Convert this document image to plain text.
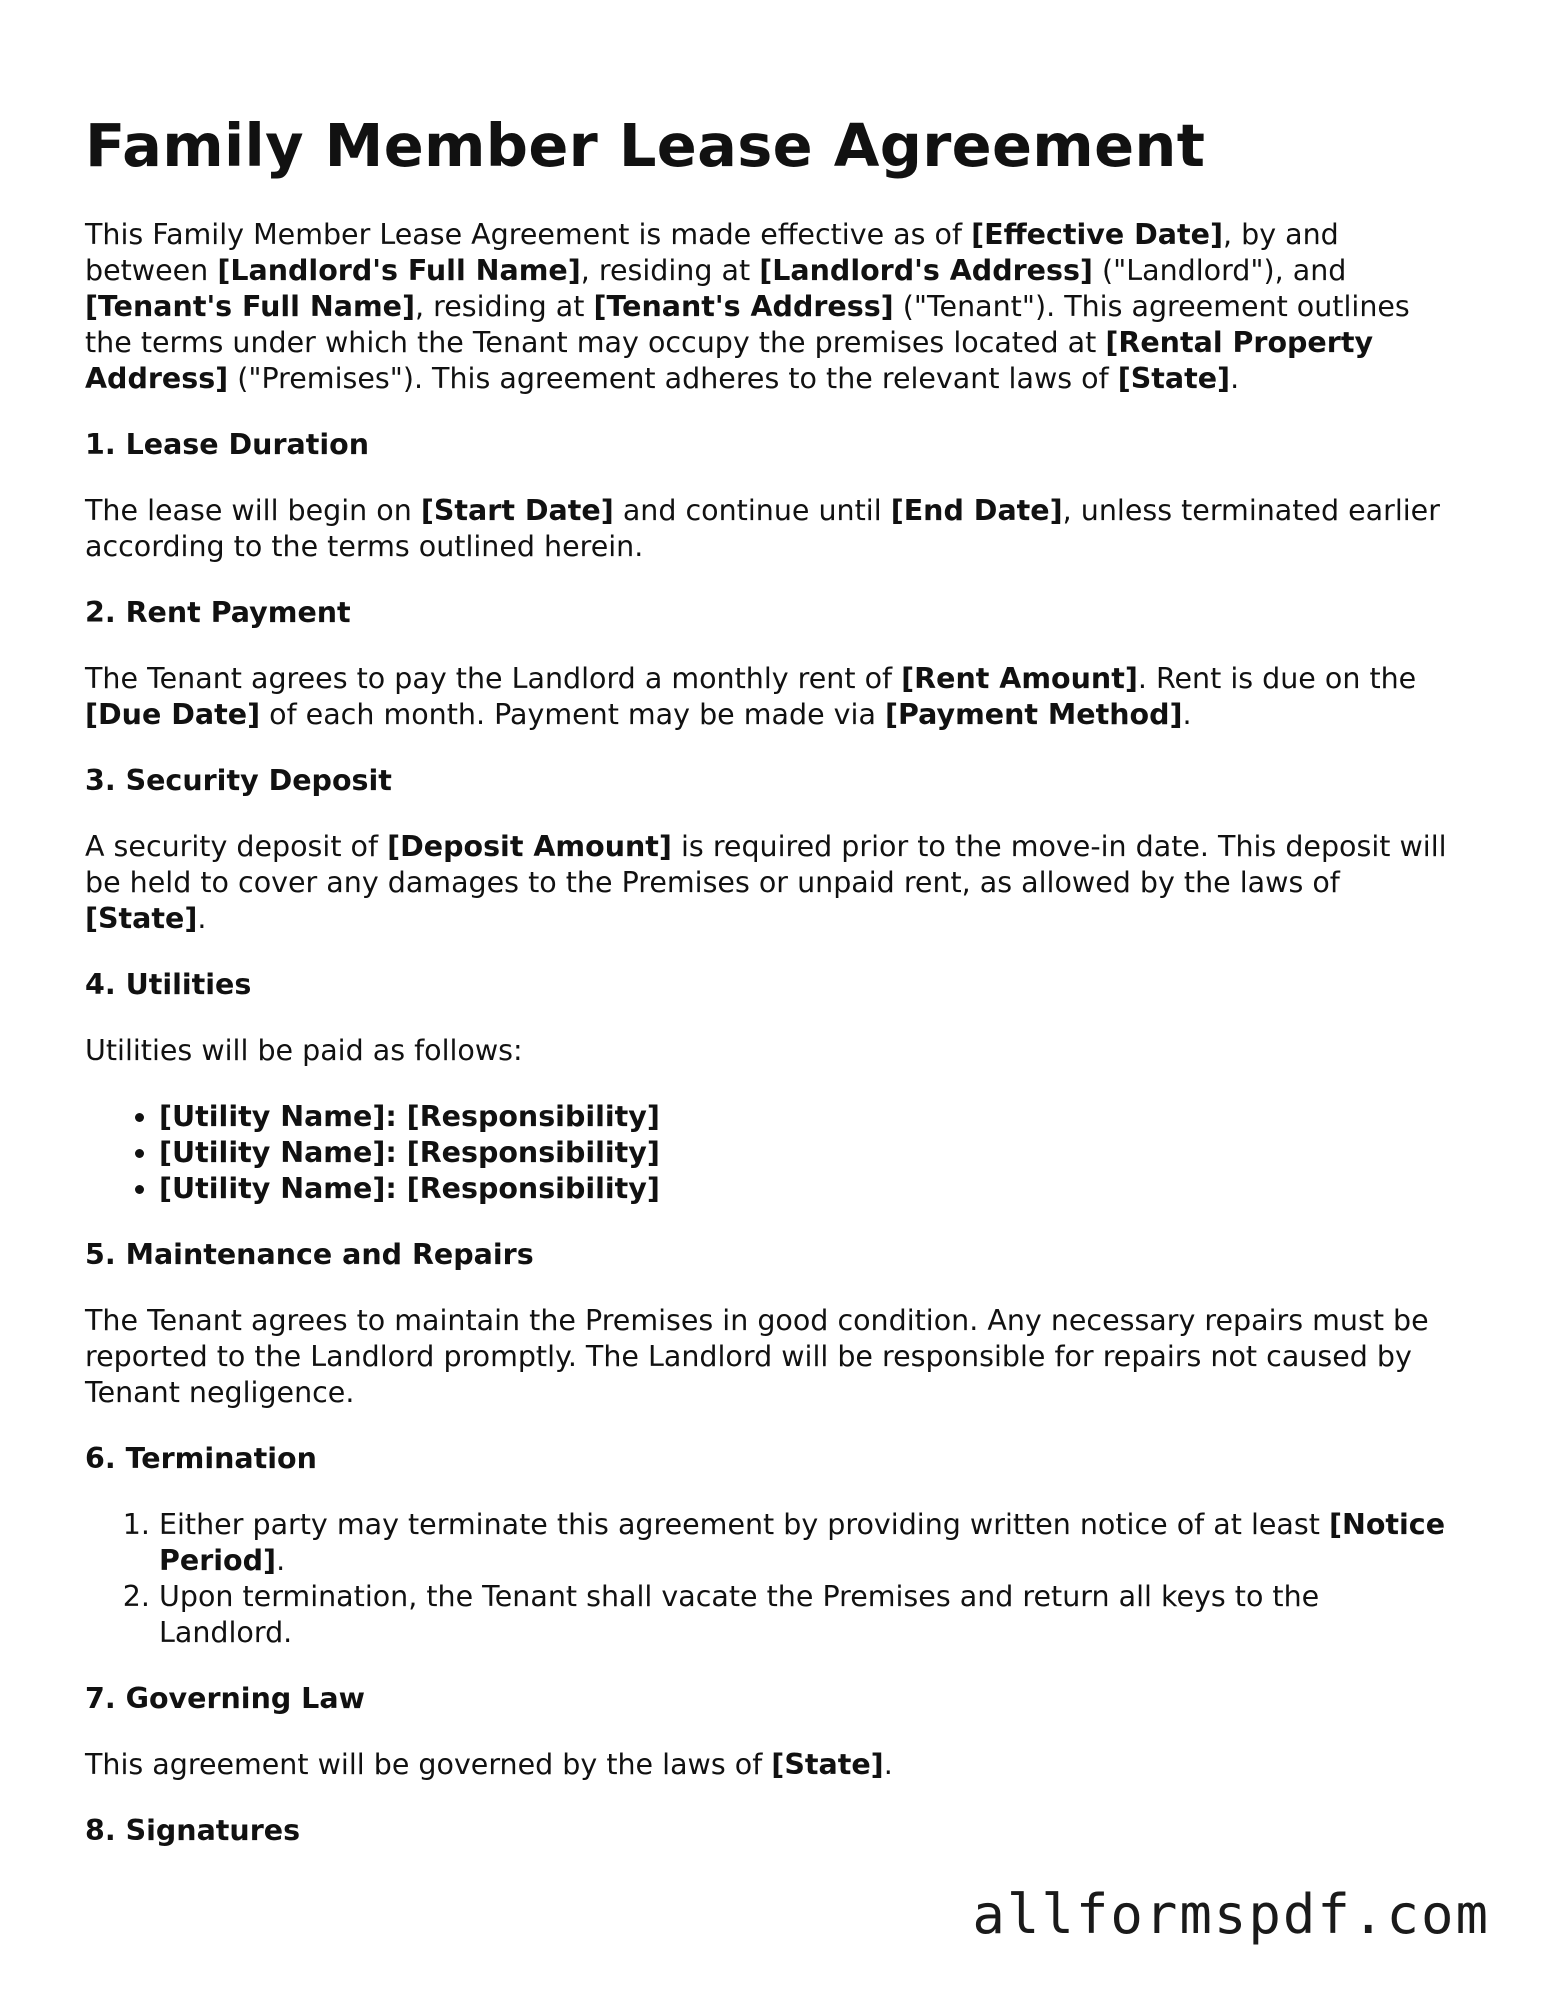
Family Member Lease Agreement

This Family Member Lease Agreement is made effective as of [Effective Date], by and between [Landlord's Full Name], residing at [Landlord's Address] ("Landlord"), and [Tenant's Full Name], residing at [Tenant's Address] ("Tenant"). This agreement outlines the terms under which the Tenant may occupy the premises located at [Rental Property Address] ("Premises"). This agreement adheres to the relevant laws of [State].

1. Lease Duration

The lease will begin on [Start Date] and continue until [End Date], unless terminated earlier according to the terms outlined herein.

2. Rent Payment

The Tenant agrees to pay the Landlord a monthly rent of [Rent Amount]. Rent is due on the [Due Date] of each month. Payment may be made via [Payment Method].

3. Security Deposit

A security deposit of [Deposit Amount] is required prior to the move-in date. This deposit will be held to cover any damages to the Premises or unpaid rent, as allowed by the laws of [State].

4. Utilities

Utilities will be paid as follows:

• [Utility Name]: [Responsibility]
• [Utility Name]: [Responsibility]
• [Utility Name]: [Responsibility]
5. Maintenance and Repairs

The Tenant agrees to maintain the Premises in good condition. Any necessary repairs must be reported to the Landlord promptly. The Landlord will be responsible for repairs not caused by Tenant negligence.

6. Termination
1. Either party may terminate this agreement by providing written notice of at least [Notice Period].
2. Upon termination, the Tenant shall vacate the Premises and return all keys to the Landlord.
7. Governing Law

This agreement will be governed by the laws of [State].

8. Signatures
allformspdf.com
